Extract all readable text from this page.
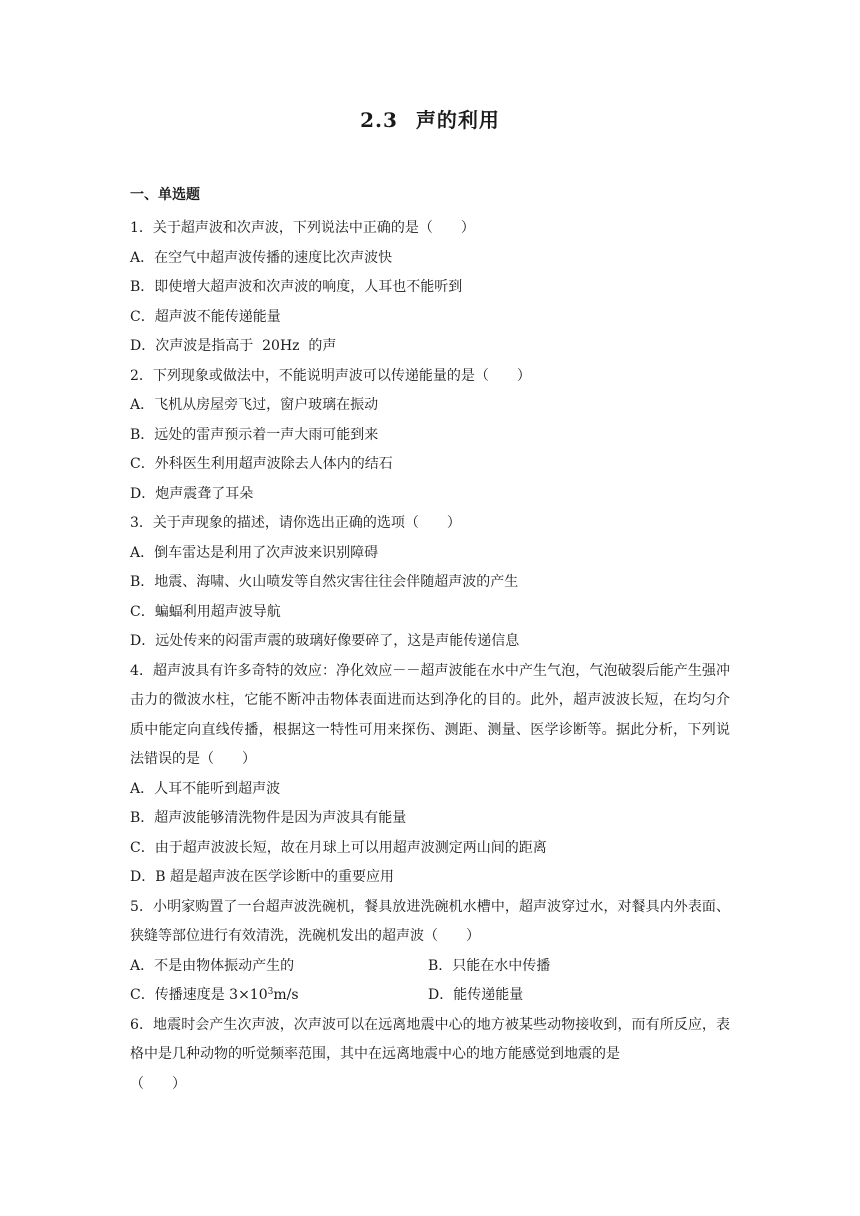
2.3 声的利用
一、单选题
1．关于超声波和次声波，下列说法中正确的是（　　）
A．在空气中超声波传播的速度比次声波快
B．即使增大超声波和次声波的响度，人耳也不能听到
C．超声波不能传递能量
D．次声波是指高于  20Hz  的声
2．下列现象或做法中，不能说明声波可以传递能量的是（　　）
A．飞机从房屋旁飞过，窗户玻璃在振动
B．远处的雷声预示着一声大雨可能到来
C．外科医生利用超声波除去人体内的结石
D．炮声震聋了耳朵
3．关于声现象的描述，请你选出正确的选项（　　）
A．倒车雷达是利用了次声波来识别障碍
B．地震、海啸、火山喷发等自然灾害往往会伴随超声波的产生
C．蝙蝠利用超声波导航
D．远处传来的闷雷声震的玻璃好像要碎了，这是声能传递信息
4．超声波具有许多奇特的效应：净化效应－－超声波能在水中产生气泡，气泡破裂后能产生强冲击力的微波水柱，它能不断冲击物体表面进而达到净化的目的。此外，超声波波长短，在均匀介质中能定向直线传播，根据这一特性可用来探伤、测距、测量、医学诊断等。据此分析，下列说法错误的是（　　）
A．人耳不能听到超声波
B．超声波能够清洗物件是因为声波具有能量
C．由于超声波波长短，故在月球上可以用超声波测定两山间的距离
D．B 超是超声波在医学诊断中的重要应用
5．小明家购置了一台超声波洗碗机，餐具放进洗碗机水槽中，超声波穿过水，对餐具内外表面、狭缝等部位进行有效清洗，洗碗机发出的超声波（　　）
A．不是由物体振动产生的	B．只能在水中传播
C．传播速度是 $3\times 10^3m/s$	D．能传递能量
6．地震时会产生次声波，次声波可以在远离地震中心的地方被某些动物接收到，而有所反应，表格中是几种动物的听觉频率范围，其中在远离地震中心的地方能感觉到地震的是
（　　）
